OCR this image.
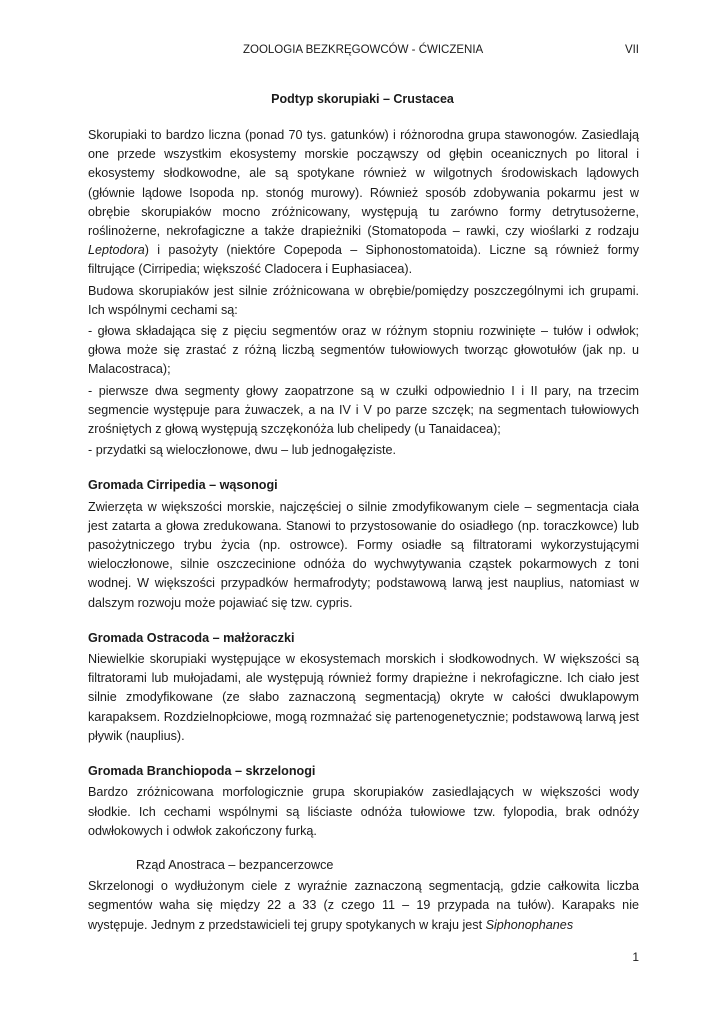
ZOOLOGIA BEZKRĘGOWCÓW - ĆWICZENIA	VII
Podtyp skorupiaki – Crustacea

Skorupiaki to bardzo liczna (ponad 70 tys. gatunków) i różnorodna grupa stawonogów. Zasiedlają one przede wszystkim ekosystemy morskie począwszy od głębin oceanicznych po litoral i ekosystemy słodkowodne, ale są spotykane również w wilgotnych środowiskach lądowych (głównie lądowe Isopoda np. stonóg murowy). Również sposób zdobywania pokarmu jest w obrębie skorupiaków mocno zróżnicowany, występują tu zarówno formy detrytusożerne, roślinożerne, nekrofagiczne a także drapieżniki (Stomatopoda – rawki, czy wioślarki z rodzaju Leptodora) i pasożyty (niektóre Copepoda – Siphonostomatoida). Liczne są również formy filtrujące (Cirripedia; większość Cladocera i Euphasiacea).

Budowa skorupiaków jest silnie zróżnicowana w obrębie/pomiędzy poszczególnymi ich grupami. Ich wspólnymi cechami są:

- głowa składająca się z pięciu segmentów oraz w różnym stopniu rozwinięte – tułów i odwłok; głowa może się zrastać z różną liczbą segmentów tułowiowych tworząc głowotułów (jak np. u Malacostraca);

- pierwsze dwa segmenty głowy zaopatrzone są w czułki odpowiednio I i II pary, na trzecim segmencie występuje para żuwaczek, a na IV i V po parze szczęk; na segmentach tułowiowych zrośniętych z głową występują szczękonóża lub chelipedy (u Tanaidacea);

- przydatki są wieloczłonowe, dwu – lub jednogałęziste.

Gromada Cirripedia – wąsonogi

Zwierzęta w większości morskie, najczęściej o silnie zmodyfikowanym ciele – segmentacja ciała jest zatarta a głowa zredukowana. Stanowi to przystosowanie do osiadłego (np. toraczkowce) lub pasożytniczego trybu życia (np. ostrowce). Formy osiadłe są filtratorami wykorzystującymi wieloczłonowe, silnie oszczecinione odnóża do wychwytywania cząstek pokarmowych z toni wodnej. W większości przypadków hermafrodyty; podstawową larwą jest nauplius, natomiast w dalszym rozwoju może pojawiać się tzw. cypris.

Gromada Ostracoda – małżoraczki

Niewielkie skorupiaki występujące w ekosystemach morskich i słodkowodnych. W większości są filtratorami lub mułojadami, ale występują również formy drapieżne i nekrofagiczne. Ich ciało jest silnie zmodyfikowane (ze słabo zaznaczoną segmentacją) okryte w całości dwuklapowym karapaksem. Rozdzielnopłciowe, mogą rozmnażać się partenogenetycznie; podstawową larwą jest pływik (nauplius).

Gromada Branchiopoda – skrzelonogi

Bardzo zróżnicowana morfologicznie grupa skorupiaków zasiedlających w większości wody słodkie. Ich cechami wspólnymi są liściaste odnóża tułowiowe tzw. fylopodia, brak odnóży odwłokowych i odwłok zakończony furką.

Rząd Anostraca – bezpancerzowce

Skrzelonogi o wydłużonym ciele z wyraźnie zaznaczoną segmentacją, gdzie całkowita liczba segmentów waha się między 22 a 33 (z czego 11 – 19 przypada na tułów). Karapaks nie występuje. Jednym z przedstawicieli tej grupy spotykanych w kraju jest Siphonophanes

1
